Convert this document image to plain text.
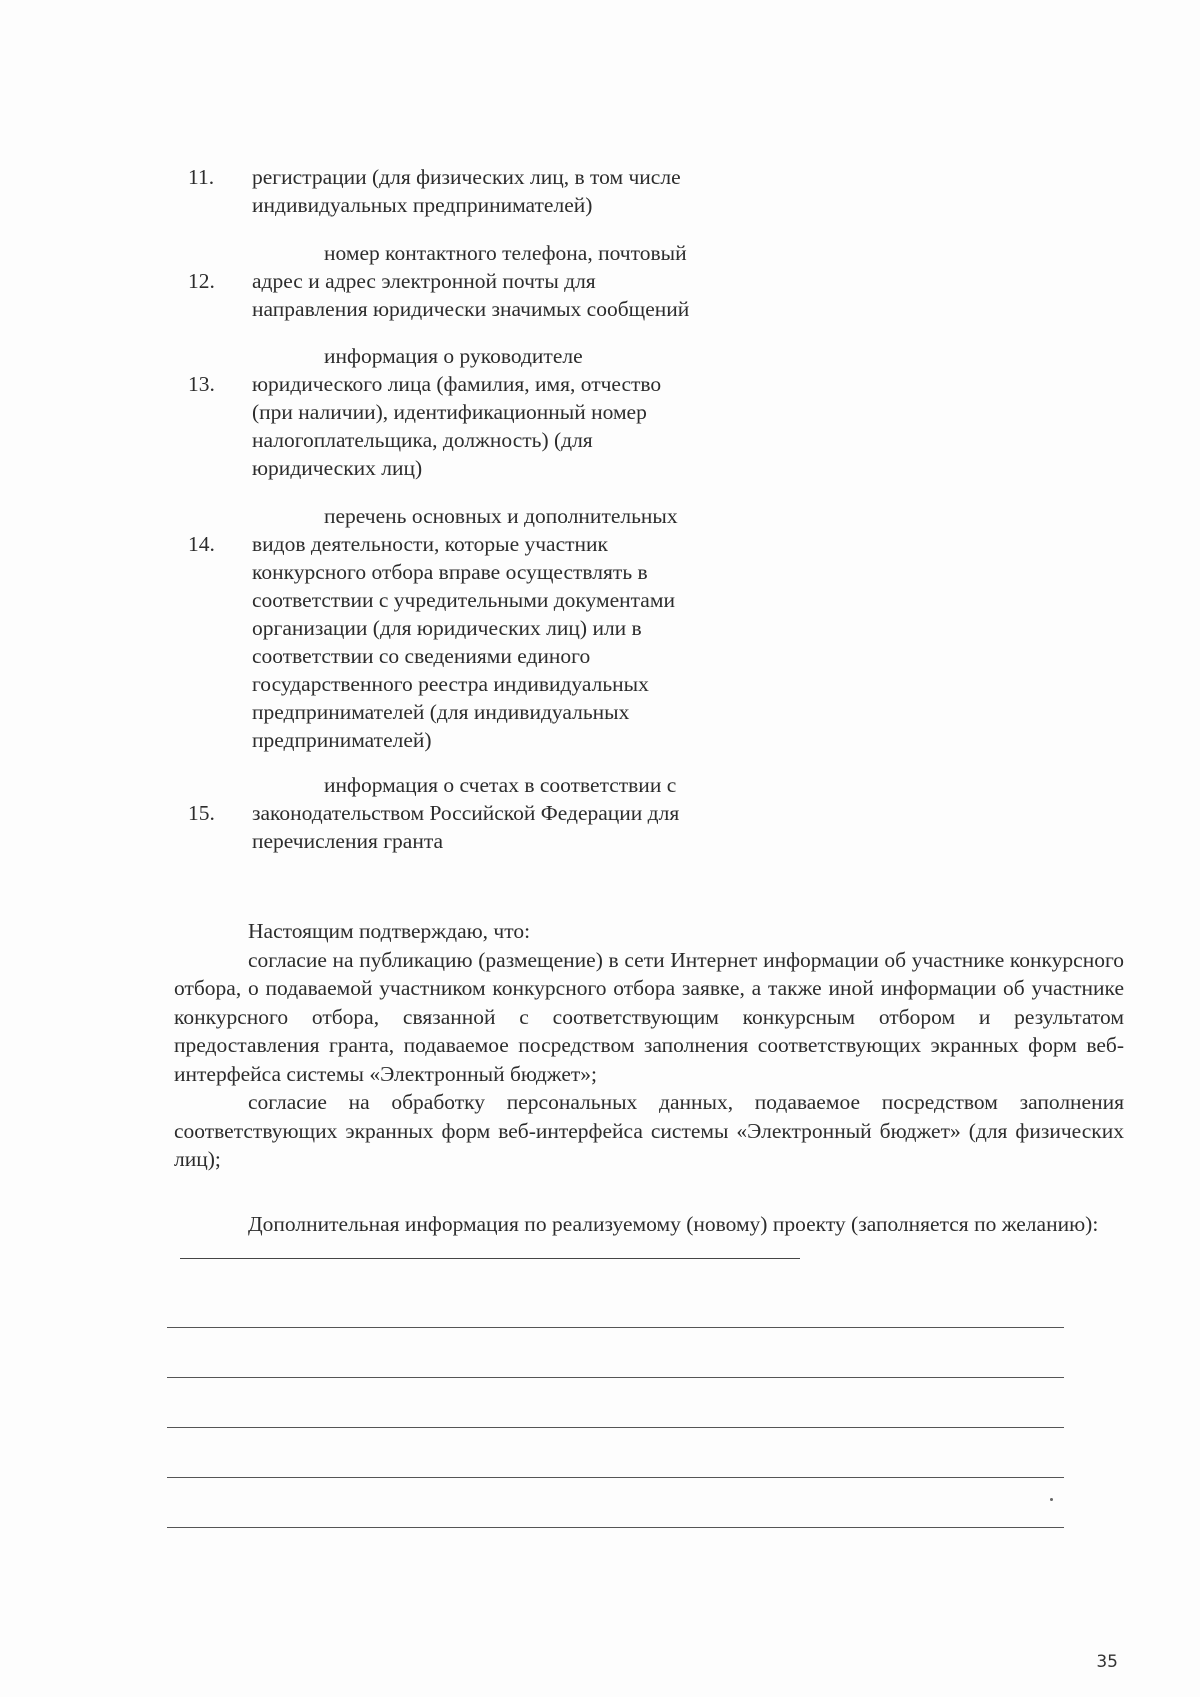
11.	регистрации (для физических лиц, в том числе
индивидуальных предпринимателей)
12.
номер контактного телефона, почтовый
адрес и адрес электронной почты для
направления юридически значимых сообщений
13.
информация о руководителе
юридического лица (фамилия, имя, отчество
(при наличии), идентификационный номер
налогоплательщика, должность) (для
юридических лиц)
14.
перечень основных и дополнительных
видов деятельности, которые участник
конкурсного отбора вправе осуществлять в
соответствии с учредительными документами
организации (для юридических лиц) или в
соответствии со сведениями единого
государственного реестра индивидуальных
предпринимателей (для индивидуальных
предпринимателей)
15.
информация о счетах в соответствии с
законодательством Российской Федерации для
перечисления гранта

Настоящим подтверждаю, что:

согласие на публикацию (размещение) в сети Интернет информации об участнике конкурсного отбора, о подаваемой участником конкурсного отбора заявке, а также иной информации об участнике конкурсного отбора, связанной с соответствующим конкурсным отбором и результатом предоставления гранта, подаваемое посредством заполнения соответствующих экранных форм веб-интерфейса системы «Электронный бюджет»;

согласие на обработку персональных данных, подаваемое посредством заполнения соответствующих экранных форм веб-интерфейса системы «Электронный бюджет» (для физических лиц);

Дополнительная информация по реализуемому (новому) проекту (заполняется по желанию):

35
